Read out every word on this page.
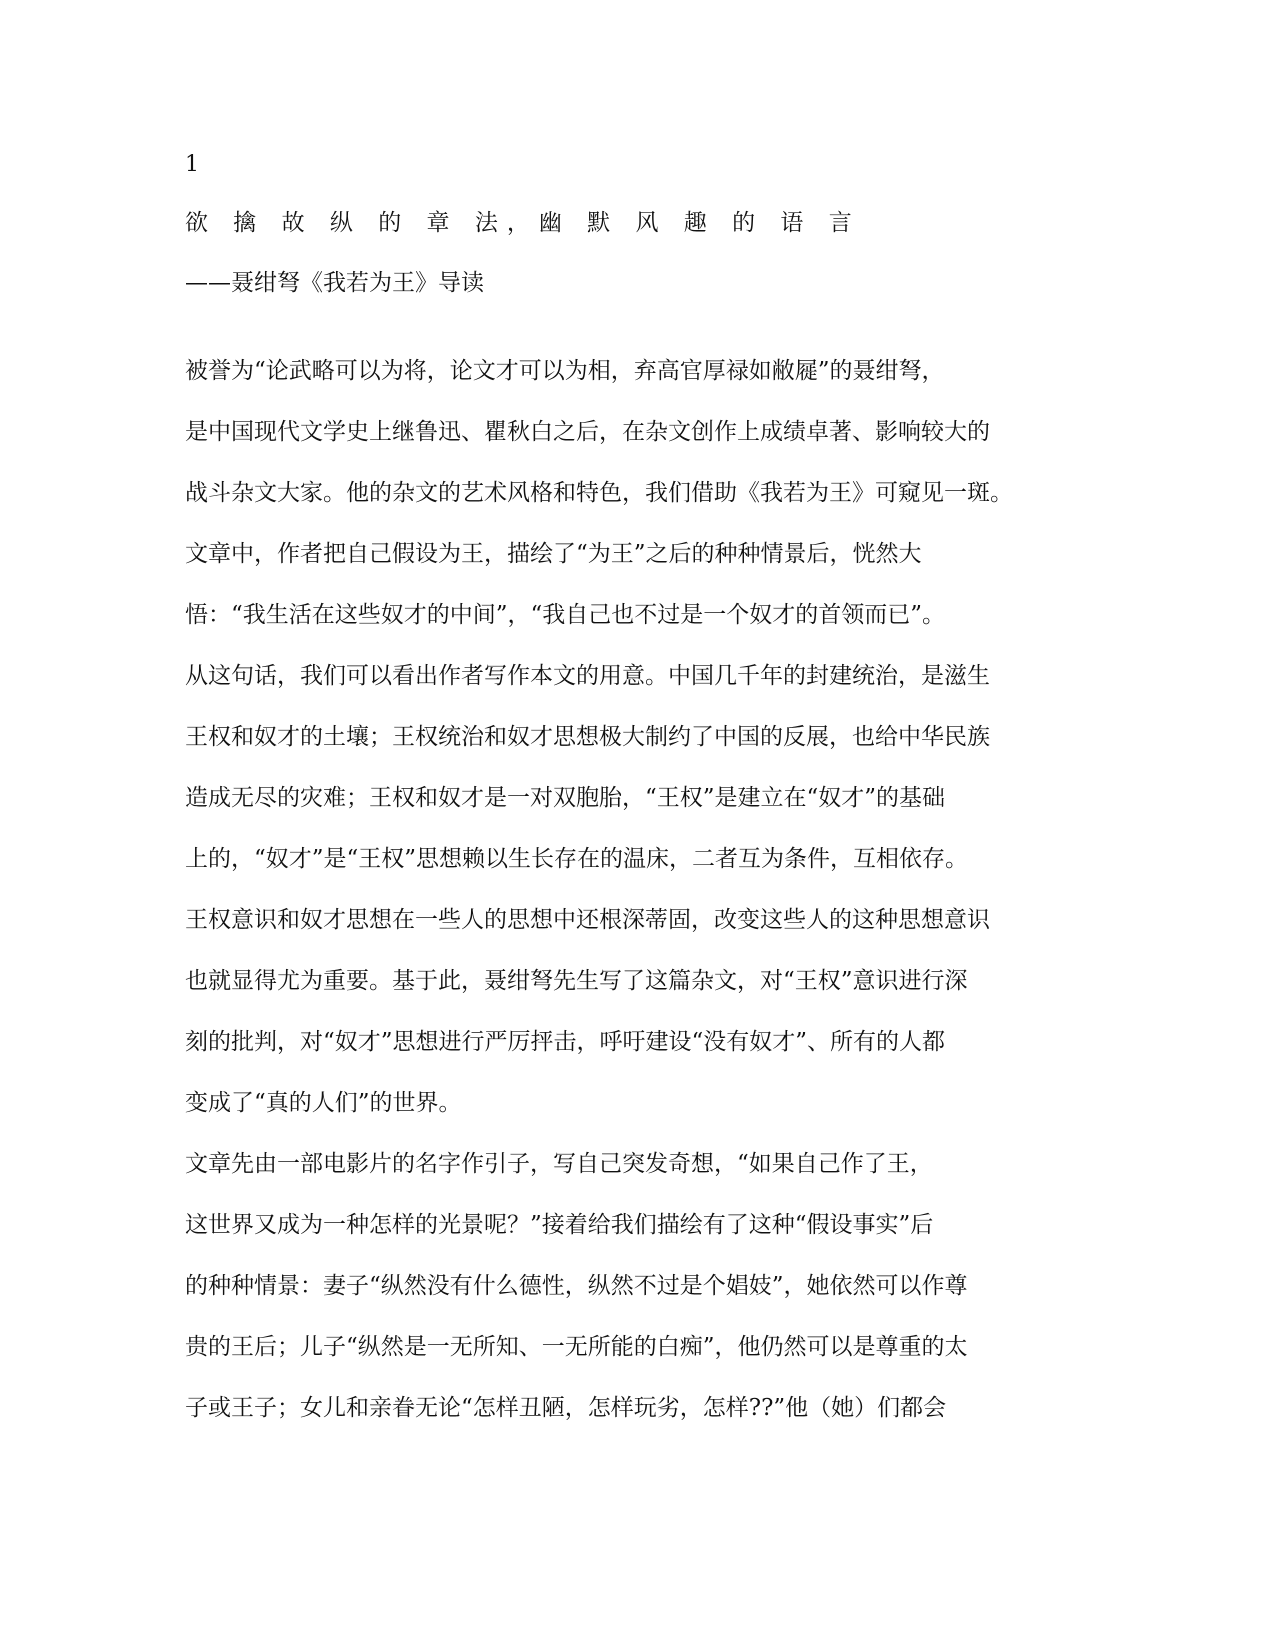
1
欲 擒 故 纵 的 章 法，幽 默 风 趣 的 语 言
——聂绀弩《我若为王》导读
被誉为“论武略可以为将，论文才可以为相，弃高官厚禄如敝屣”的聂绀弩，
是中国现代文学史上继鲁迅、瞿秋白之后，在杂文创作上成绩卓著、影响较大的
战斗杂文大家。他的杂文的艺术风格和特色，我们借助《我若为王》可窥见一斑。
文章中，作者把自己假设为王，描绘了“为王”之后的种种情景后，恍然大
悟：“我生活在这些奴才的中间”，“我自己也不过是一个奴才的首领而已”。
从这句话，我们可以看出作者写作本文的用意。中国几千年的封建统治，是滋生
王权和奴才的土壤；王权统治和奴才思想极大制约了中国的反展，也给中华民族
造成无尽的灾难；王权和奴才是一对双胞胎，“王权”是建立在“奴才”的基础
上的，“奴才”是“王权”思想赖以生长存在的温床，二者互为条件，互相依存。
王权意识和奴才思想在一些人的思想中还根深蒂固，改变这些人的这种思想意识
也就显得尤为重要。基于此，聂绀弩先生写了这篇杂文，对“王权”意识进行深
刻的批判，对“奴才”思想进行严厉抨击，呼吁建设“没有奴才”、所有的人都
变成了“真的人们”的世界。
文章先由一部电影片的名字作引子，写自己突发奇想，“如果自己作了王，
这世界又成为一种怎样的光景呢？”接着给我们描绘有了这种“假设事实”后
的种种情景：妻子“纵然没有什么德性，纵然不过是个娼妓”，她依然可以作尊
贵的王后；儿子“纵然是一无所知、一无所能的白痴”，他仍然可以是尊重的太
子或王子；女儿和亲眷无论“怎样丑陋，怎样玩劣，怎样??”他（她）们都会
